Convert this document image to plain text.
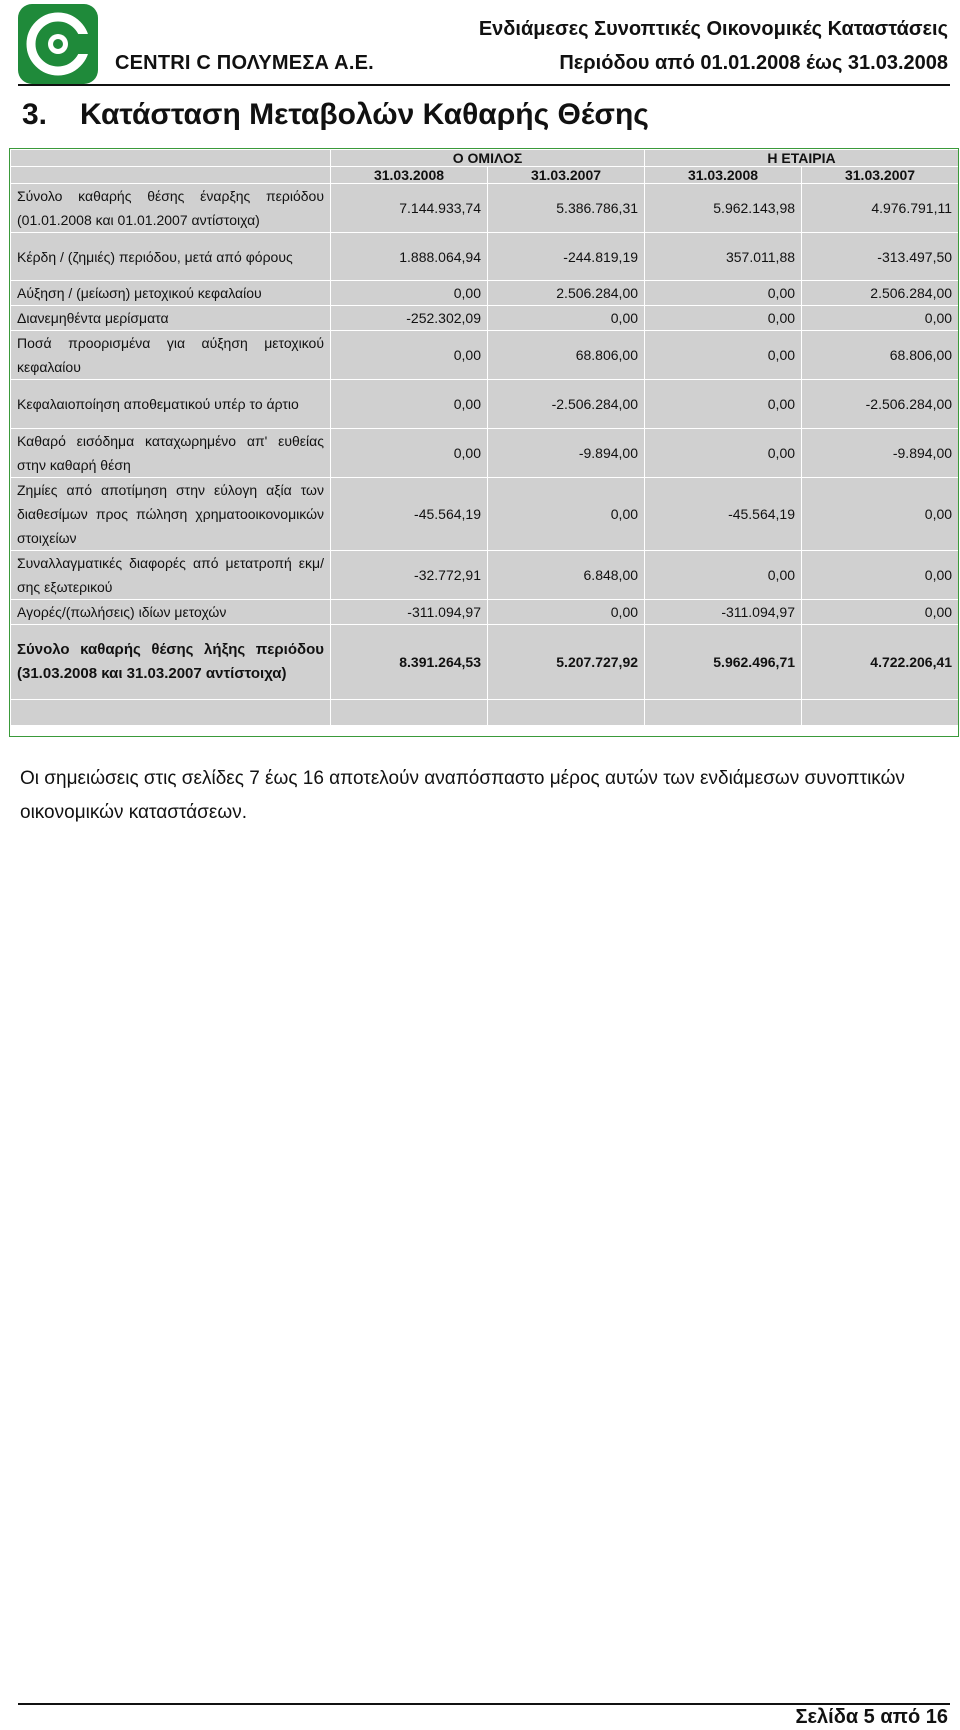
CENTRI C ΠΟΛΥΜΕΣΑ Α.Ε.
Ενδιάμεσες Συνοπτικές Οικονομικές Καταστάσεις
Περιόδου από 01.01.2008 έως 31.03.2008
3. Κατάσταση Μεταβολών Καθαρής Θέσης
	Ο ΟΜΙΛΟΣ		Η ΕΤΑΙΡΙΑ	
	31.03.2008	31.03.2007	31.03.2008	31.03.2007
Σύνολο καθαρής θέσης έναρξης περιόδου (01.01.2008 και 01.01.2007 αντίστοιχα)	7.144.933,74	5.386.786,31	5.962.143,98	4.976.791,11
Κέρδη / (ζημιές) περιόδου, μετά από φόρους	1.888.064,94	-244.819,19	357.011,88	-313.497,50
Αύξηση / (μείωση) μετοχικού κεφαλαίου	0,00	2.506.284,00	0,00	2.506.284,00
Διανεμηθέντα μερίσματα	-252.302,09	0,00	0,00	0,00
Ποσά προορισμένα για αύξηση μετοχικού κεφαλαίου	0,00	68.806,00	0,00	68.806,00
Κεφαλαιοποίηση αποθεματικού υπέρ το άρτιο	0,00	-2.506.284,00	0,00	-2.506.284,00
Καθαρό εισόδημα καταχωρημένο απ' ευθείας στην καθαρή θέση	0,00	-9.894,00	0,00	-9.894,00
Ζημίες από αποτίμηση στην εύλογη αξία των διαθεσίμων προς πώληση χρηματοοικονομικών στοιχείων	-45.564,19	0,00	-45.564,19	0,00
Συναλλαγματικές διαφορές από μετατροπή εκμ/σης εξωτερικού	-32.772,91	6.848,00	0,00	0,00
Αγορές/(πωλήσεις) ιδίων μετοχών	-311.094,97	0,00	-311.094,97	0,00
Σύνολο καθαρής θέσης λήξης περιόδου (31.03.2008 και 31.03.2007 αντίστοιχα)	8.391.264,53	5.207.727,92	5.962.496,71	4.722.206,41

Οι σημειώσεις στις σελίδες 7 έως 16 αποτελούν αναπόσπαστο μέρος αυτών των ενδιάμεσων συνοπτικών οικονομικών καταστάσεων.
Σελίδα 5 από 16
